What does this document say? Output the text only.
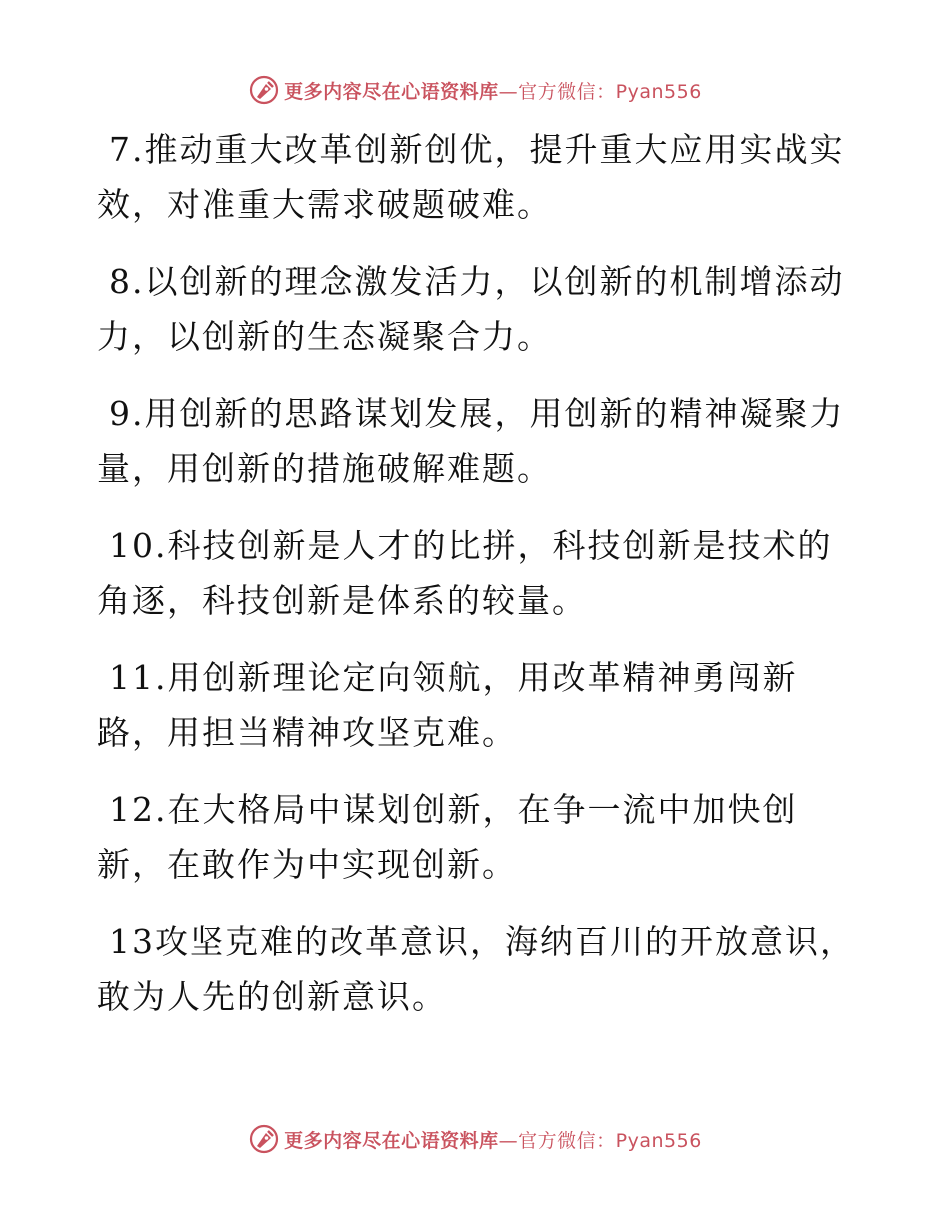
更多内容尽在心语资料库—官方微信：Pyan556

7.推动重大改革创新创优，提升重大应用实战实效，对准重大需求破题破难。

8.以创新的理念激发活力，以创新的机制增添动力，以创新的生态凝聚合力。

9.用创新的思路谋划发展，用创新的精神凝聚力量，用创新的措施破解难题。

10.科技创新是人才的比拼，科技创新是技术的角逐，科技创新是体系的较量。

11.用创新理论定向领航，用改革精神勇闯新路，用担当精神攻坚克难。

12.在大格局中谋划创新，在争一流中加快创新，在敢作为中实现创新。

13攻坚克难的改革意识，海纳百川的开放意识，敢为人先的创新意识。

更多内容尽在心语资料库—官方微信：Pyan556
